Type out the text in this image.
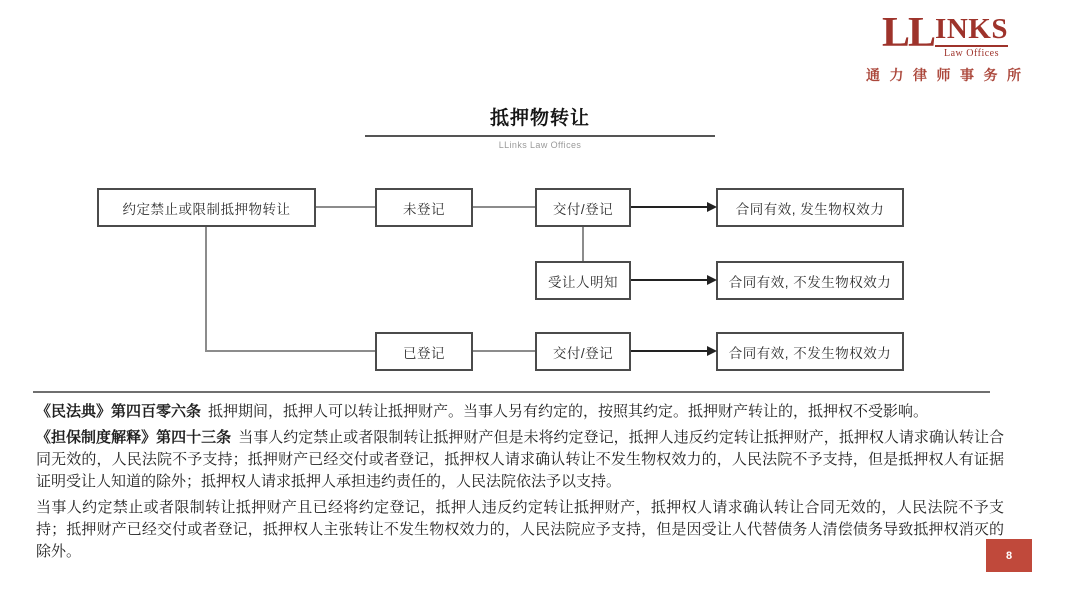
LL INKS
Law Offices
通 力 律 师 事 务 所
抵押物转让
LLinks Law Offices
约定禁止或限制抵押物转让	未登记	交付/登记	合同有效, 发生物权效力
受让人明知	合同有效, 不发生物权效力
已登记	交付/登记	合同有效, 不发生物权效力

《民法典》第四百零六条 抵押期间，抵押人可以转让抵押财产。当事人另有约定的，按照其约定。抵押财产转让的，抵押权不受影响。

《担保制度解释》第四十三条 当事人约定禁止或者限制转让抵押财产但是未将约定登记，抵押人违反约定转让抵押财产，抵押权人请求确认转让合同无效的，人民法院不予支持；抵押财产已经交付或者登记，抵押权人请求确认转让不发生物权效力的，人民法院不予支持，但是抵押权人有证据证明受让人知道的除外；抵押权人请求抵押人承担违约责任的，人民法院依法予以支持。

当事人约定禁止或者限制转让抵押财产且已经将约定登记，抵押人违反约定转让抵押财产，抵押权人请求确认转让合同无效的，人民法院不予支持；抵押财产已经交付或者登记，抵押权人主张转让不发生物权效力的，人民法院应予支持，但是因受让人代替债务人清偿债务导致抵押权消灭的除外。	8
